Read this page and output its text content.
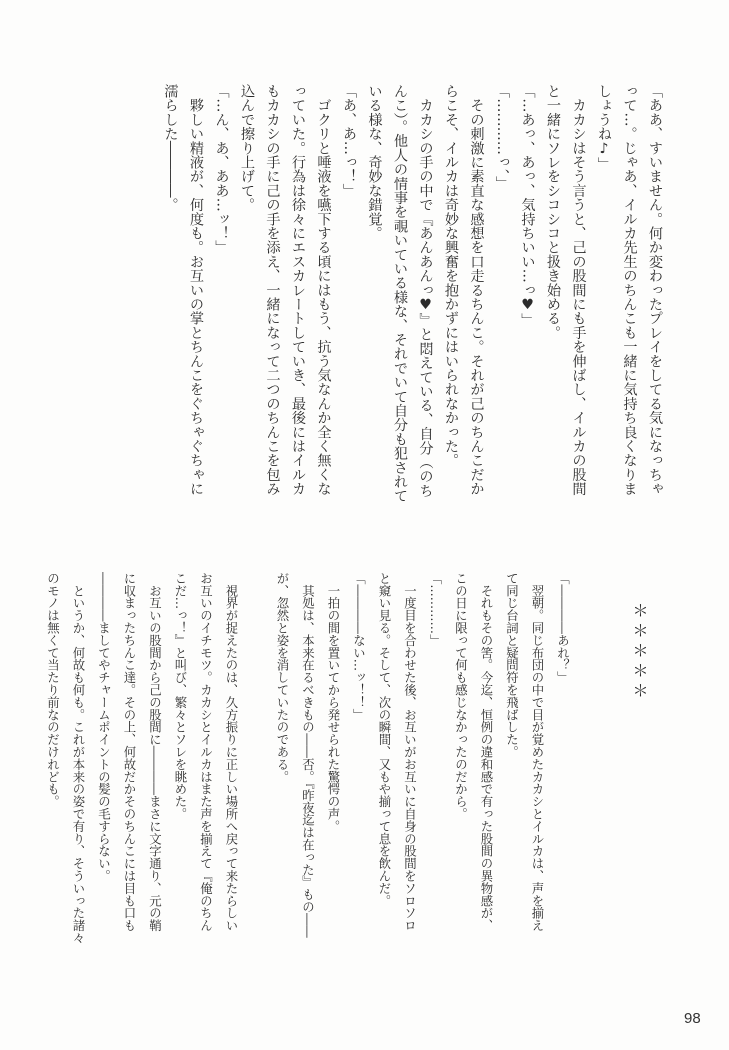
「ああ、すいません。何か変わったプレイをしてる気になっちゃ
って…。じゃあ、イルカ先生のちんこも一緒に気持ち良くなりま
しょうね♪」
　カカシはそう言うと、己の股間にも手を伸ばし、イルカの股間
と一緒にソレをシコシコと扱き始める。
「…あっ、あっ、気持ちいい…っ♥」
「…………っ、」
　その刺激に素直な感想を口走るちんこ。それが己のちんこだか
らこそ、イルカは奇妙な興奮を抱かずにはいられなかった。
　カカシの手の中で『あんあんっ♥』と悶えている、自分（のち
んこ）。他人の情事を覗いている様な、それでいて自分も犯されて
いる様な、奇妙な錯覚。
「あ、あ…っ！」
　ゴクリと唾液を嚥下する頃にはもう、抗う気なんか全く無くな
っていた。行為は徐々にエスカレートしていき、最後にはイルカ
もカカシの手に己の手を添え、一緒になって二つのちんこを包み
込んで擦り上げて。
「…ん、あ、ああ…ッ！」
　夥しい精液が、何度も。お互いの掌とちんこをぐちゃぐちゃに
濡らした――――。
＊＊＊＊＊

「――――あれ？」
　翌朝。同じ布団の中で目が覚めたカカシとイルカは、声を揃え
て同じ台詞と疑問符を飛ばした。
　それもその筈。今迄、恒例の違和感で有った股間の異物感が、
この日に限って何も感じなかったのだから。
「…………」
　一度目を合わせた後、お互いがお互いに自身の股間をソロソロ
と窺い見る。そして、次の瞬間、又もや揃って息を飲んだ。
「――――ない…ッ！！」
　一拍の間を置いてから発せられた驚愕の声。
　其処は、本来在るべきもの――否。『昨夜迄は在った』もの――
が、忽然と姿を消していたのである。

　視界が捉えたのは、久方振りに正しい場所へ戻って来たらしい
お互いのイチモツ。カカシとイルカはまた声を揃えて『俺のちん
こだ…っ！』と叫び、繁々とソレを眺めた。
　お互いの股間から己の股間に――――まさに文字通り、元の鞘
に収まったちんこ達。その上、何故だかそのちんこには目も口も
――――ましてやチャームポイントの髪の毛すらない。
　というか、何故も何も。これが本来の姿で有り、そういった諸々
のモノは無くて当たり前なのだけれども。
98
